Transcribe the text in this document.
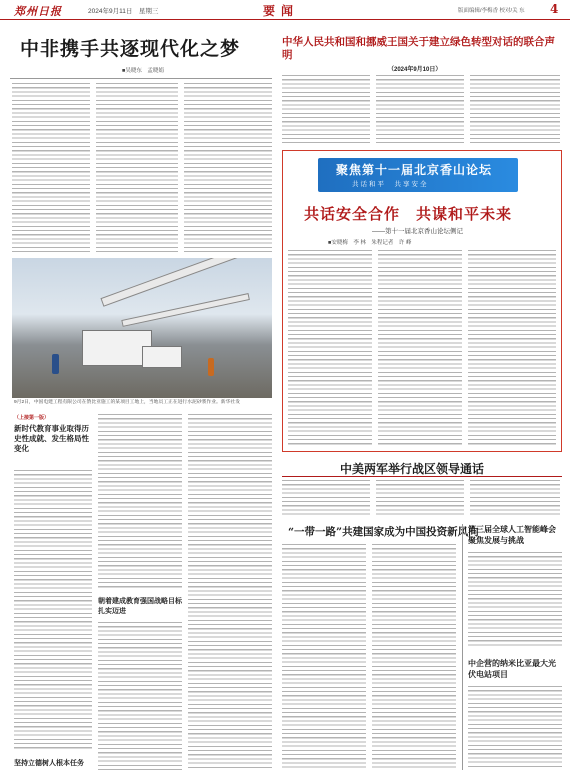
郑州日报	2024年9月11日　星期三	要闻	版面编辑/李梅香 校对/关 东 4
中非携手共逐现代化之梦
■吴晓东　孟晓娟
中华人民共和国和挪威王国关于建立绿色转型对话的联合声明
（2024年9月10日）
聚焦第十一届北京香山论坛
共话和平　共享安全
共话安全合作　共谋和平未来
——第十一届北京香山论坛侧记
■安晓梅　李 林　朱程记者　许 峰
9月2日，中国电建工程有限公司在赞比亚施工的某项目工地上，当地员工正在进行水泥砂浆作业。新华社发
（上接第一版）
新时代教育事业取得历史性成就、发生格局性变化
坚持立德树人根本任务
朝着建成教育强国战略目标扎实迈进
中美两军举行战区领导通话
“一带一路”共建国家成为中国投资新风向
第三届全球人工智能峰会聚焦发展与挑战
中企营的纳米比亚最大光伏电站项目
